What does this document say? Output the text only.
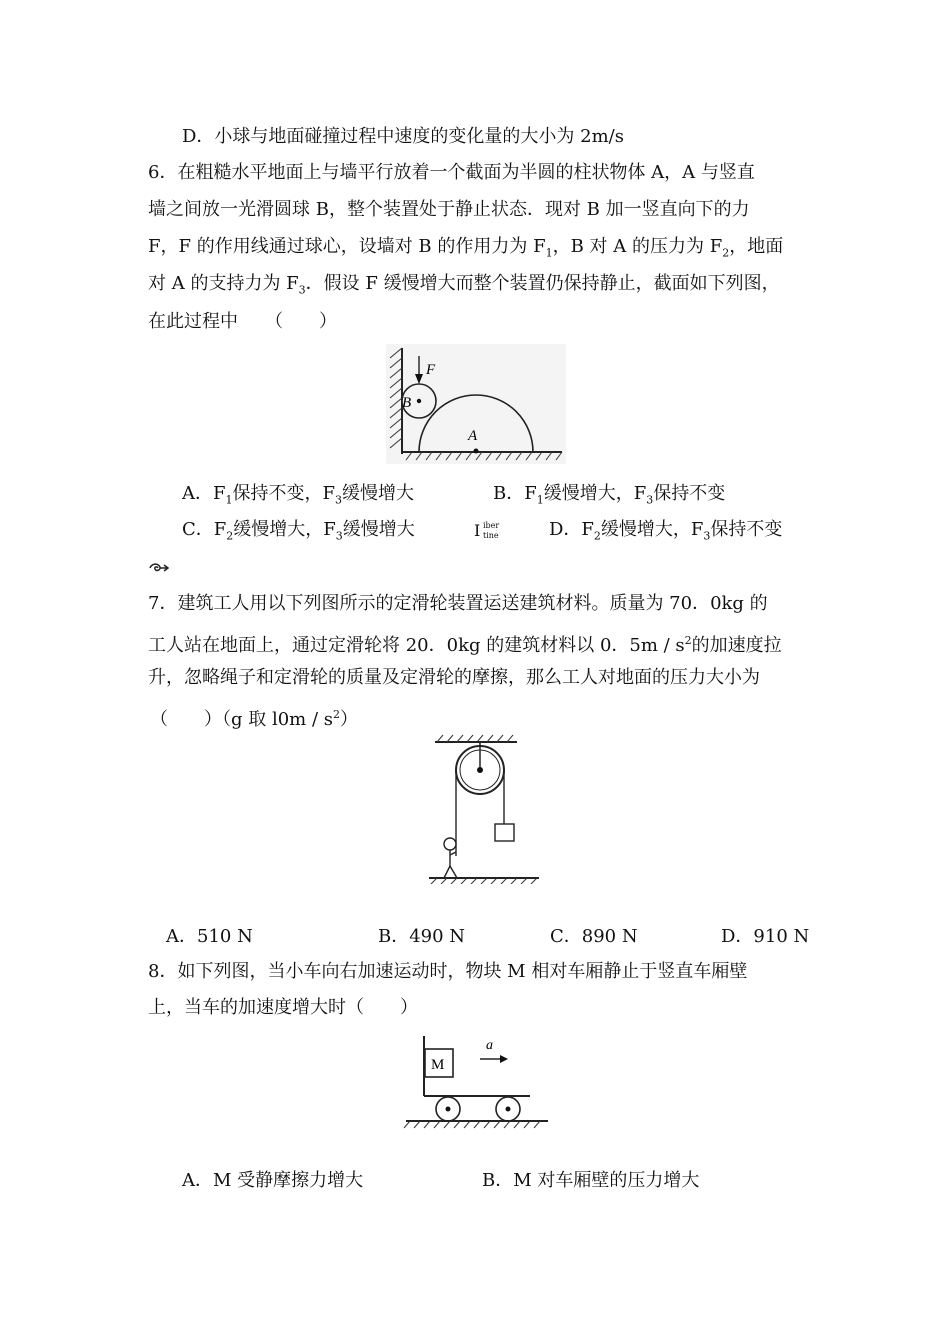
D．小球与地面碰撞过程中速度的变化量的大小为 2m/s
6．在粗糙水平地面上与墙平行放着一个截面为半圆的柱状物体 A，A 与竖直
墙之间放一光滑圆球 B，整个装置处于静止状态．现对 B 加一竖直向下的力
F，F 的作用线通过球心，设墙对 B 的作用力为 $F_1$，B 对 A 的压力为 $F_2$，地面
对 A 的支持力为 $F_3$．假设 F 缓慢增大而整个装置仍保持静止，截面如下列图，
在此过程中　　（　　）
A
B
F
A．$F_1$保持不变，$F_3$缓慢增大	B．$F_1$缓慢增大，$F_3$保持不变
C．$F_2$缓慢增大，$F_3$缓慢增大	I iber
tine	D．$F_2$缓慢增大，$F_3$保持不变
7．建筑工人用以下列图所示的定滑轮装置运送建筑材料。质量为 70．0kg 的
工人站在地面上，通过定滑轮将 20．0kg 的建筑材料以 0．$5m / s^2$的加速度拉
升，忽略绳子和定滑轮的质量及定滑轮的摩擦，那么工人对地面的压力大小为
（　　）（g 取 $l0m / s^2$）
A．510 N	B．490 N	C．890 N	D．910 N
8．如下列图，当小车向右加速运动时，物块 M 相对车厢静止于竖直车厢壁
上，当车的加速度增大时（　　）
M
a
A．M 受静摩擦力增大	B．M 对车厢壁的压力增大
